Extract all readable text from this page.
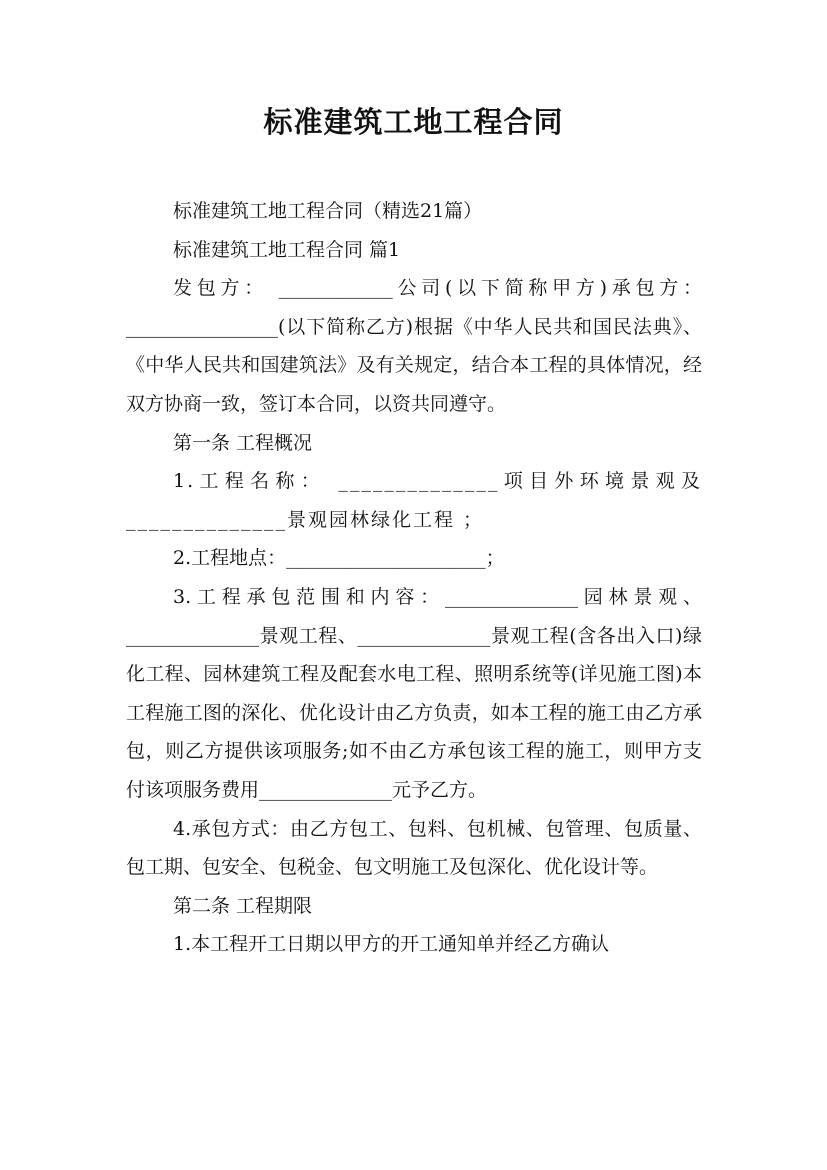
标准建筑工地工程合同

标准建筑工地工程合同（精选21篇）

标准建筑工地工程合同 篇1

发包方： ____________公司(以下简称甲方)承包方：________________(以下简称乙方)根据《中华人民共和国民法典》、《中华人民共和国建筑法》及有关规定，结合本工程的具体情况，经双方协商一致，签订本合同，以资共同遵守。

第一条 工程概况

1.工程名称： ______________项目外环境景观及______________景观园林绿化工程 ；

2.工程地点：_____________________；

3.工程承包范围和内容：______________园林景观、______________景观工程、______________景观工程(含各出入口)绿化工程、园林建筑工程及配套水电工程、照明系统等(详见施工图)本工程施工图的深化、优化设计由乙方负责，如本工程的施工由乙方承包，则乙方提供该项服务;如不由乙方承包该工程的施工，则甲方支付该项服务费用______________元予乙方。

4.承包方式：由乙方包工、包料、包机械、包管理、包质量、包工期、包安全、包税金、包文明施工及包深化、优化设计等。

第二条 工程期限

1.本工程开工日期以甲方的开工通知单并经乙方确认
